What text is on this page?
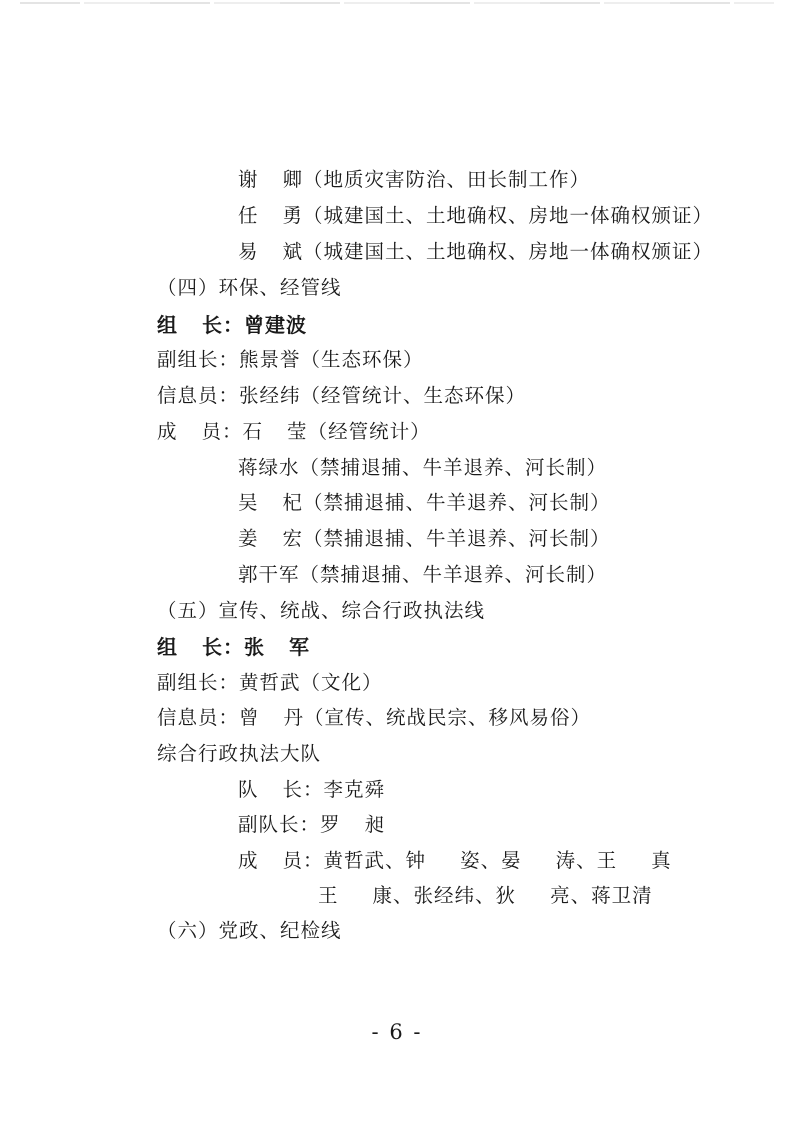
谢 卿（地质灾害防治、田长制工作）
任 勇（城建国土、土地确权、房地一体确权颁证）
易 斌（城建国土、土地确权、房地一体确权颁证）
（四）环保、经管线
组 长：曾建波
副组长：熊景誉（生态环保）
信息员：张经纬（经管统计、生态环保）
成 员：石 莹（经管统计）
蒋绿水（禁捕退捕、牛羊退养、河长制）
吴 杞（禁捕退捕、牛羊退养、河长制）
姜 宏（禁捕退捕、牛羊退养、河长制）
郭干军（禁捕退捕、牛羊退养、河长制）
（五）宣传、统战、综合行政执法线
组 长：张 军
副组长：黄哲武（文化）
信息员：曾 丹（宣传、统战民宗、移风易俗）
综合行政执法大队
队 长：李克舜
副队长：罗 昶
成 员：黄哲武、钟 姿、晏 涛、王 真
王 康、张经纬、狄 亮、蒋卫清
（六）党政、纪检线
- 6 -
